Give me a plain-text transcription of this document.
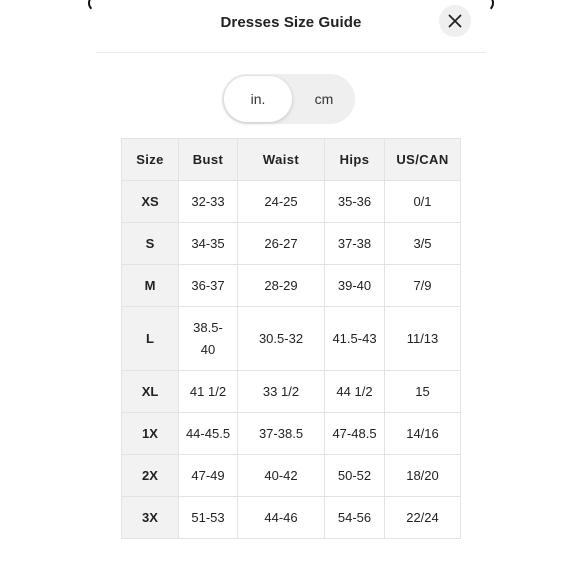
Dresses Size Guide
cm
in.
Size	Bust	Waist	Hips	US/CAN
XS	32-33	24-25	35-36	0/1
S	34-35	26-27	37-38	3/5
M	36-37	28-29	39-40	7/9
L	38.5-40	30.5-32	41.5-43	11/13
XL	41 1/2	33 1/2	44 1/2	15
1X	44-45.5	37-38.5	47-48.5	14/16
2X	47-49	40-42	50-52	18/20
3X	51-53	44-46	54-56	22/24
